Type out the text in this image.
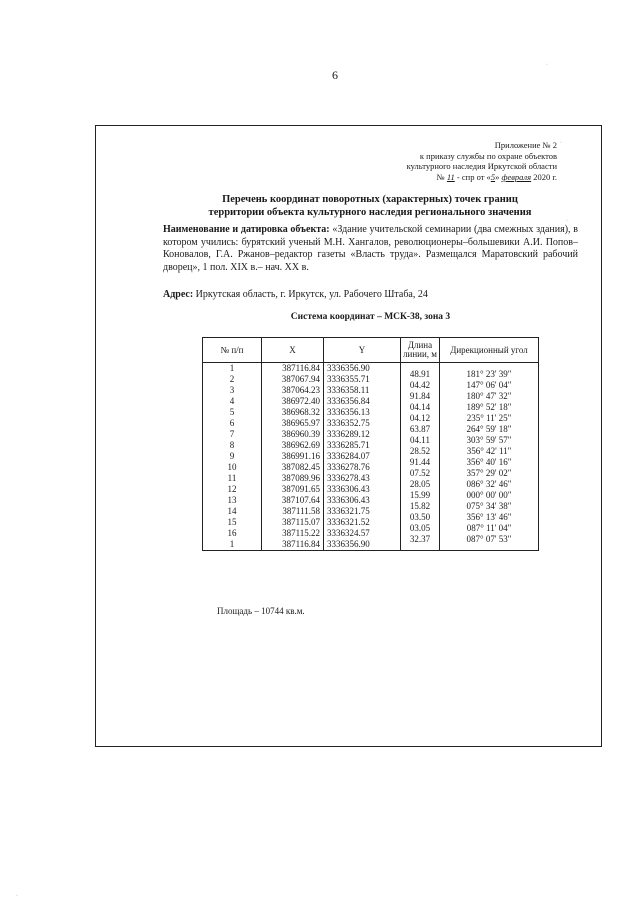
6
Приложение № 2
к приказу службы по охране объектов
культурного наследия Иркутской области
№ 11 - спр от «5» февраля 2020 г.
Перечень координат поворотных (характерных) точек границ
территории объекта культурного наследия регионального значения
Наименование и датировка объекта: «Здание учительской семинарии (два смежных здания), в котором учились: бурятский ученый М.Н. Хангалов, революционеры–большевики А.И. Попов–Коновалов, Г.А. Ржанов–редактор газеты «Власть труда». Размещался Маратовский рабочий дворец», 1 пол. XIX в.– нач. XX в.
Адрес: Иркутская область, г. Иркутск, ул. Рабочего Штаба, 24
Система координат – МСК-38, зона 3
№ п/п	X	Y	Длина линии, м	Дирекционный угол
1	387116.84	3336356.90	48.91	181° 23' 39"
2	387067.94	3336355.71	04.42	147° 06' 04"
3	387064.23	3336358.11	91.84	180° 47' 32"
4	386972.40	3336356.84	04.14	189° 52' 18"
5	386968.32	3336356.13	04.12	235° 11' 25"
6	386965.97	3336352.75	63.87	264° 59' 18"
7	386960.39	3336289.12	04.11	303° 59' 57"
8	386962.69	3336285.71	28.52	356° 42' 11"
9	386991.16	3336284.07	91.44	356° 40' 16"
10	387082.45	3336278.76	07.52	357° 29' 02"
11	387089.96	3336278.43	28.05	086° 32' 46"
12	387091.65	3336306.43	15.99	000° 00' 00"
13	387107.64	3336306.43	15.82	075° 34' 38"
14	387111.58	3336321.75	03.50	356° 13' 46"
15	387115.07	3336321.52	03.05	087° 11' 04"
16	387115.22	3336324.57	32.37	087° 07' 53"
1	387116.84	3336356.90		
Площадь – 10744 кв.м.
·
·
·
·
